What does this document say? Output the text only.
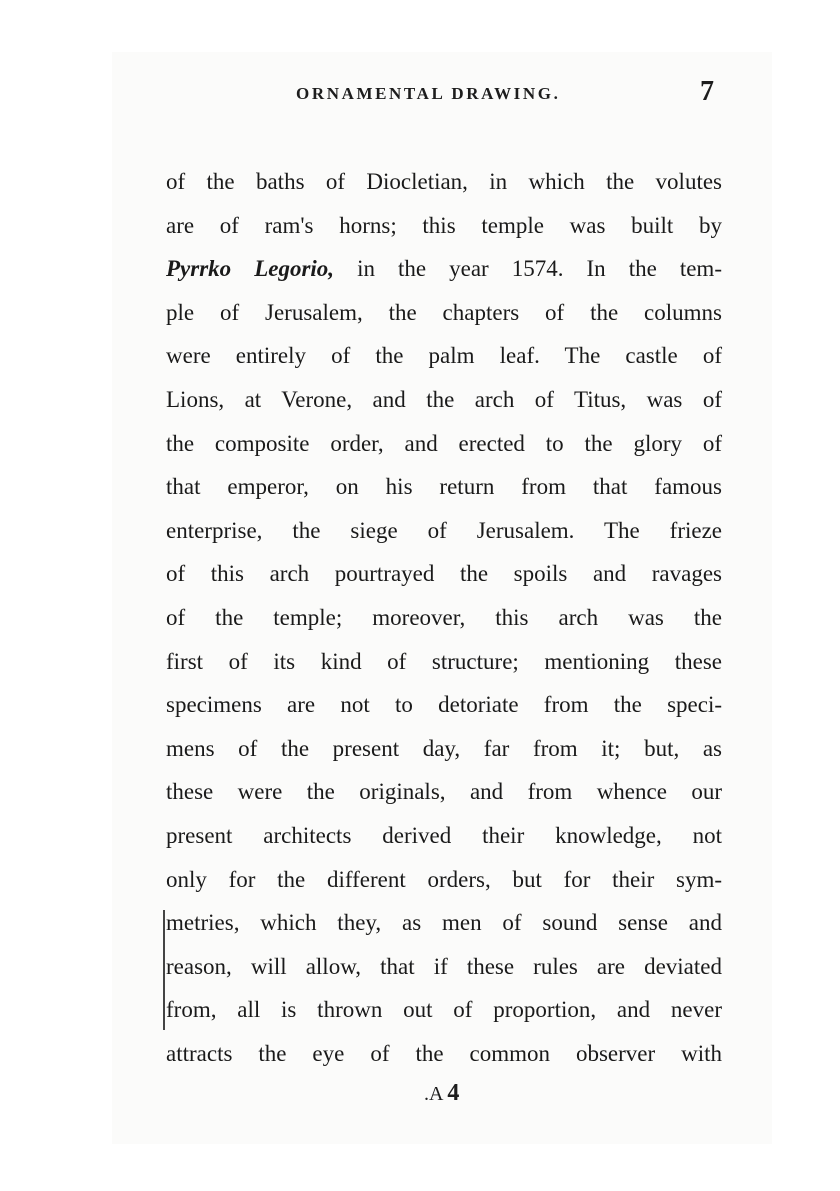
ORNAMENTAL DRAWING.	7
of the baths of Diocletian, in which the volutes
are of ram's horns; this temple was built by
Pyrrko Legorio, in the year 1574. In the tem-
ple of Jerusalem, the chapters of the columns
were entirely of the palm leaf. The castle of
Lions, at Verone, and the arch of Titus, was of
the composite order, and erected to the glory of
that emperor, on his return from that famous
enterprise, the siege of Jerusalem. The frieze
of this arch pourtrayed the spoils and ravages
of the temple; moreover, this arch was the
first of its kind of structure; mentioning these
specimens are not to detoriate from the speci-
mens of the present day, far from it; but, as
these were the originals, and from whence our
present architects derived their knowledge, not
only for the different orders, but for their sym-
metries, which they, as men of sound sense and
reason, will allow, that if these rules are deviated
from, all is thrown out of proportion, and never
attracts the eye of the common observer with
.A 4
